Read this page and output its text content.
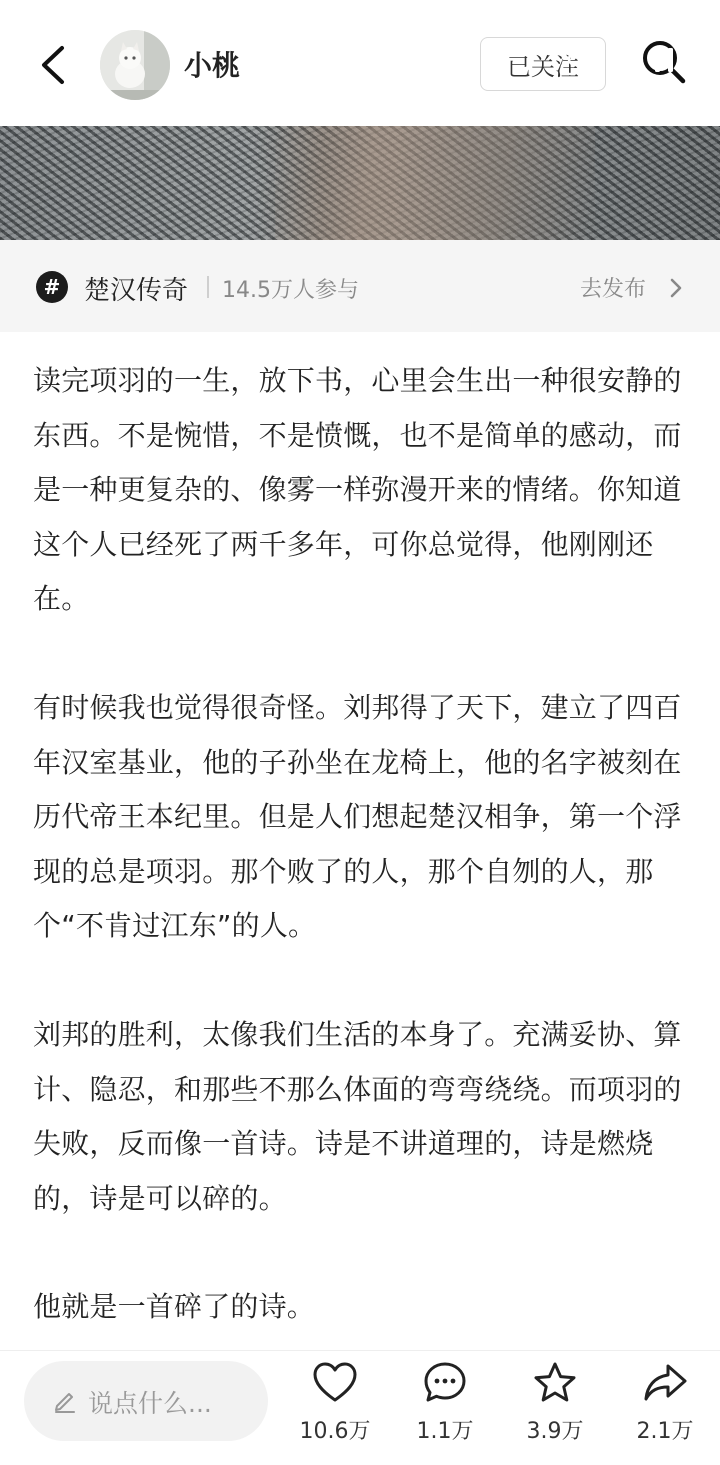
小桃	已关注
# 楚汉传奇 14.5万人参与	去发布

读完项羽的一生，放下书，心里会生出一种很安静的东西。不是惋惜，不是愤慨，也不是简单的感动，而是一种更复杂的、像雾一样弥漫开来的情绪。你知道这个人已经死了两千多年，可你总觉得，他刚刚还在。

有时候我也觉得很奇怪。刘邦得了天下，建立了四百年汉室基业，他的子孙坐在龙椅上，他的名字被刻在历代帝王本纪里。但是人们想起楚汉相争，第一个浮现的总是项羽。那个败了的人，那个自刎的人，那个“不肯过江东”的人。

刘邦的胜利，太像我们生活的本身了。充满妥协、算计、隐忍，和那些不那么体面的弯弯绕绕。而项羽的失败，反而像一首诗。诗是不讲道理的，诗是燃烧的，诗是可以碎的。

他就是一首碎了的诗。

说点什么...
10.6万	1.1万	3.9万	2.1万
